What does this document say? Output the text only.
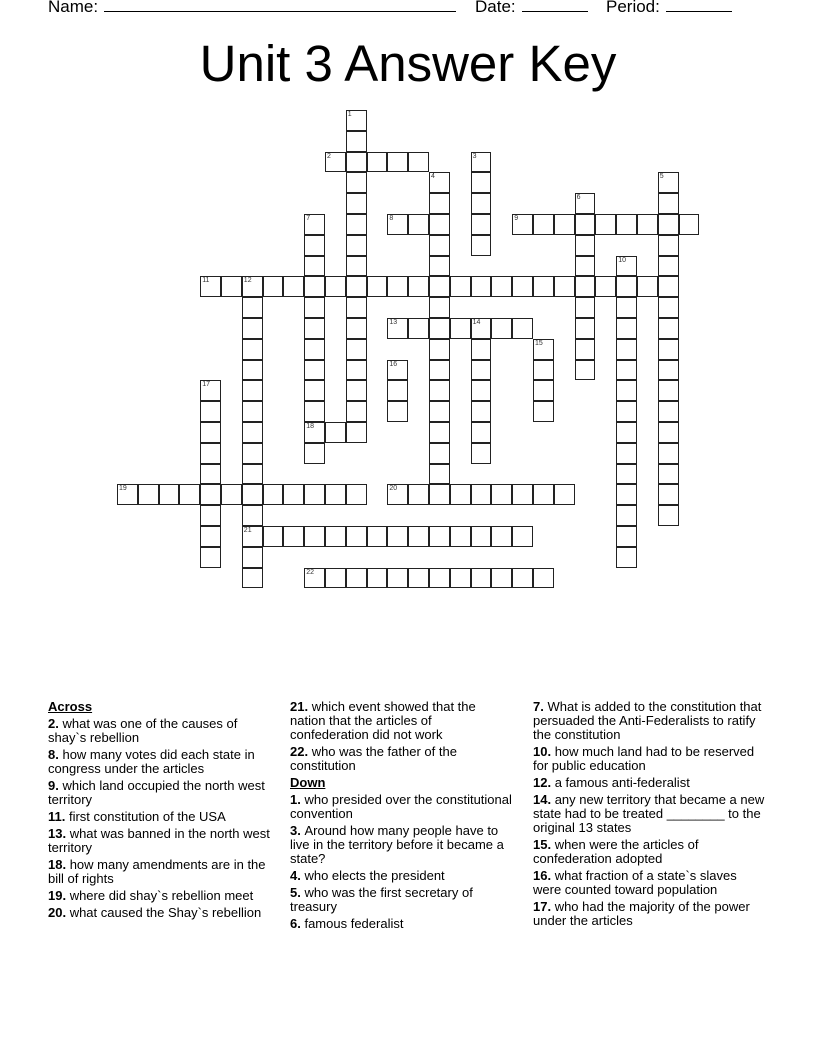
Name:	Date:	Period:
Unit 3 Answer Key
1
2	3
4	5
6
7
18
8	9
10
11	12
21
13	14
15
16
17
19	20
22
Across
2. what was one of the causes of shay`s rebellion
8. how many votes did each state in congress under the articles
9. which land occupied the north west territory
11. first constitution of the USA
13. what was banned in the north west territory
18. how many amendments are in the bill of rights
19. where did shay`s rebellion meet
20. what caused the Shay`s rebellion
21. which event showed that the nation that the articles of confederation did not work
22. who was the father of the constitution
Down
1. who presided over the constitutional convention
3. Around how many people have to live in the territory before it became a state?
4. who elects the president
5. who was the first secretary of treasury
6. famous federalist
7. What is added to the constitution that persuaded the Anti-Federalists to ratify the constitution
10. how much land had to be reserved for public education
12. a famous anti-federalist
14. any new territory that became a new state had to be treated ________ to the original 13 states
15. when were the articles of confederation adopted
16. what fraction of a state`s slaves were counted toward population
17. who had the majority of the power under the articles
